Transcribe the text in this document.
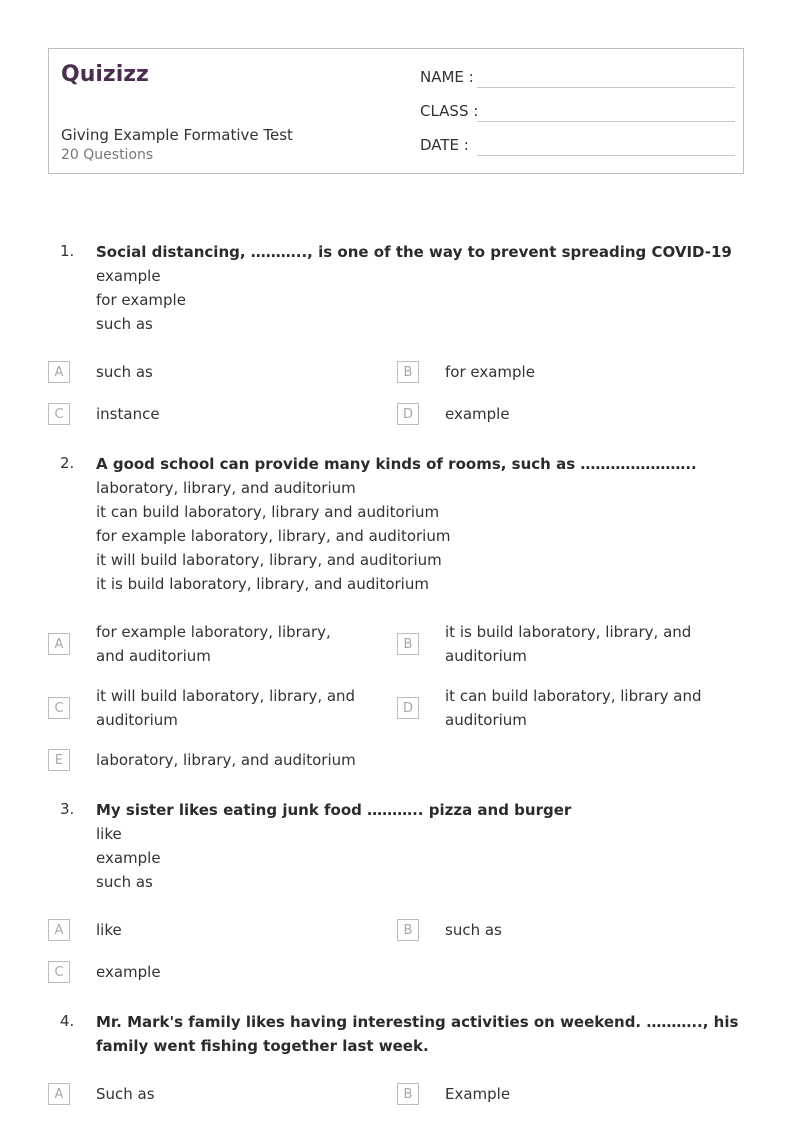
Quizizz
Giving Example Formative Test
20 Questions
NAME :
CLASS :
DATE :
1. Social distancing, ……….., is one of the way to prevent spreading COVID-19
example
for example
such as
A	such as	B	for example
C	instance	D	example
2. A good school can provide many kinds of rooms, such as …………………..
laboratory, library, and auditorium
it can build laboratory, library and auditorium
for example laboratory, library, and auditorium
it will build laboratory, library, and auditorium
it is build laboratory, library, and auditorium
A
for example laboratory, library, and auditorium
B
it is build laboratory, library, and auditorium
C
it will build laboratory, library, and auditorium
D
it can build laboratory, library and auditorium
E	laboratory, library, and auditorium
3. My sister likes eating junk food ……….. pizza and burger
like
example
such as
A	like	B	such as
C	example
4. Mr. Mark's family likes having interesting activities on weekend. ……….., his family went fishing together last week.
A	Such as	B	Example
